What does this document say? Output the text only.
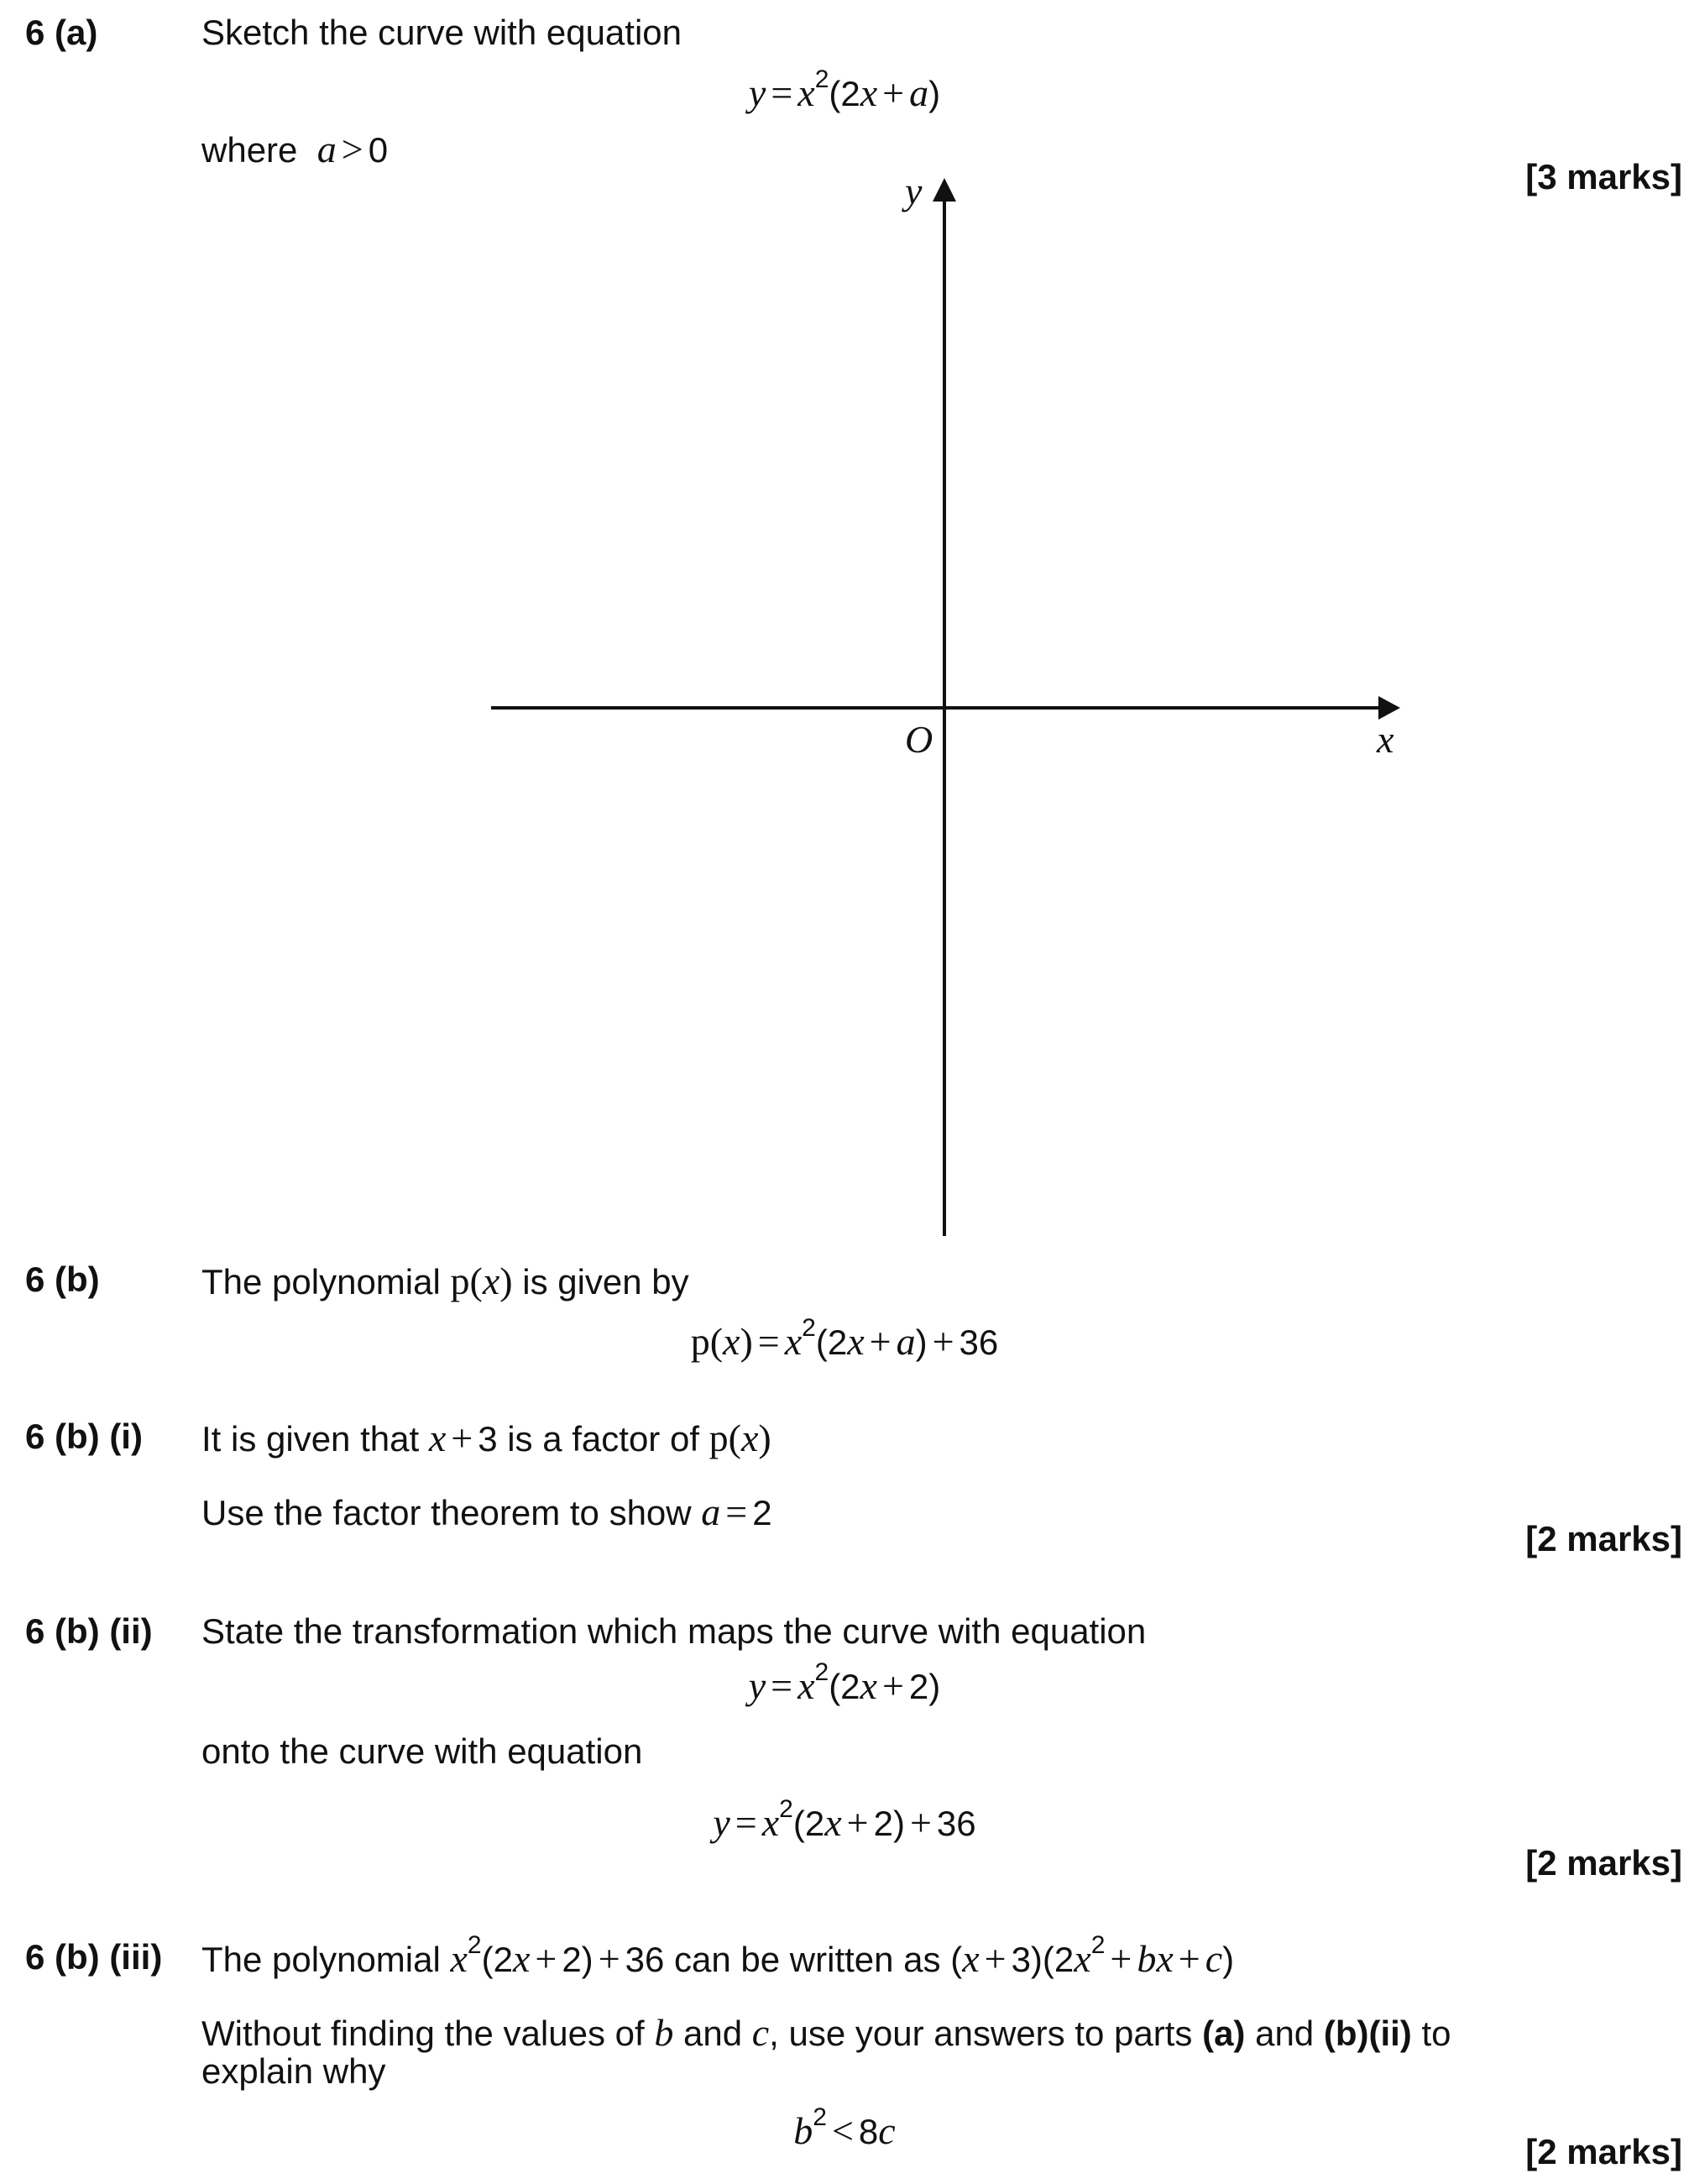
6 (a)	Sketch the curve with equation
$y = x^2(2x + a)$
where a > 0
[3 marks]
y
O	x
6 (b)	The polynomial p(x) is given by
$p(x) = x^2(2x + a) + 36$
6 (b) (i) It is given that x + 3 is a factor of p(x)
Use the factor theorem to show a = 2
[2 marks]
6 (b) (ii) State the transformation which maps the curve with equation
$y = x^2(2x + 2)$
onto the curve with equation
$y = x^2(2x + 2) + 36$
[2 marks]
6 (b) (iii) The polynomial $x^2(2x + 2) + 36$ can be written as $(x + 3)(2x^2$ + bx + c)
Without finding the values of b and c, use your answers to parts (a) and (b)(ii) to
explain why
$b^2 < 8c$	[2 marks]
